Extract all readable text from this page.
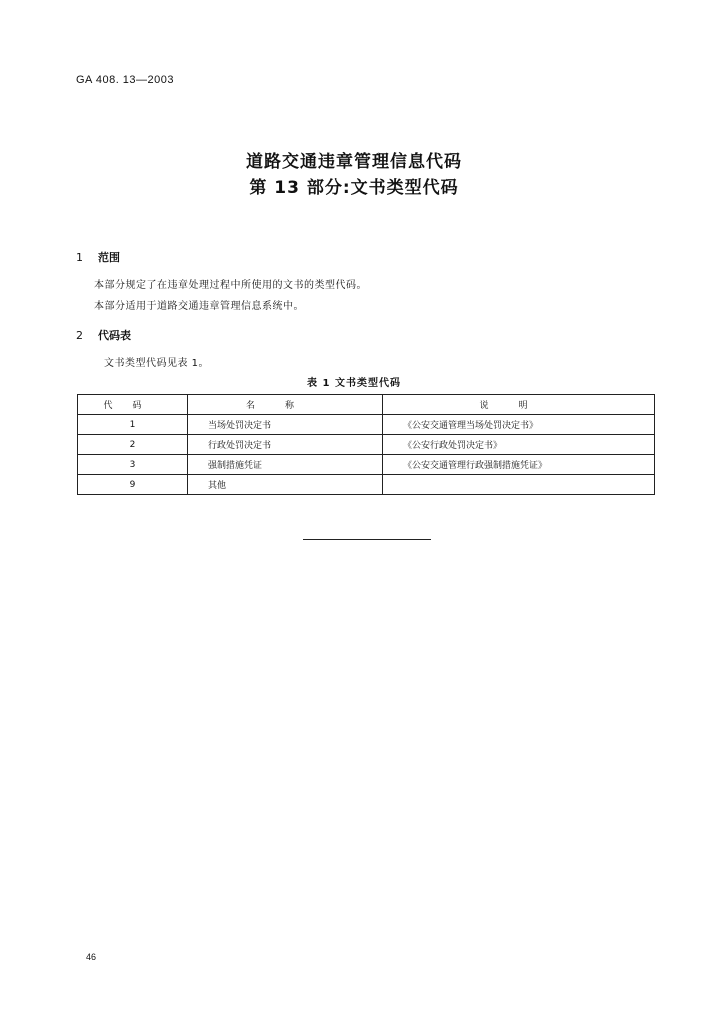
GA 408. 13—2003
道路交通违章管理信息代码
第 13 部分:文书类型代码
1 范围
本部分规定了在违章处理过程中所使用的文书的类型代码。
本部分适用于道路交通违章管理信息系统中。
2 代码表
文书类型代码见表 1。
表 1 文书类型代码
代码	名称	说明
1	当场处罚决定书	《公安交通管理当场处罚决定书》
2	行政处罚决定书	《公安行政处罚决定书》
3	强制措施凭证	《公安交通管理行政强制措施凭证》
9	其他	
46
